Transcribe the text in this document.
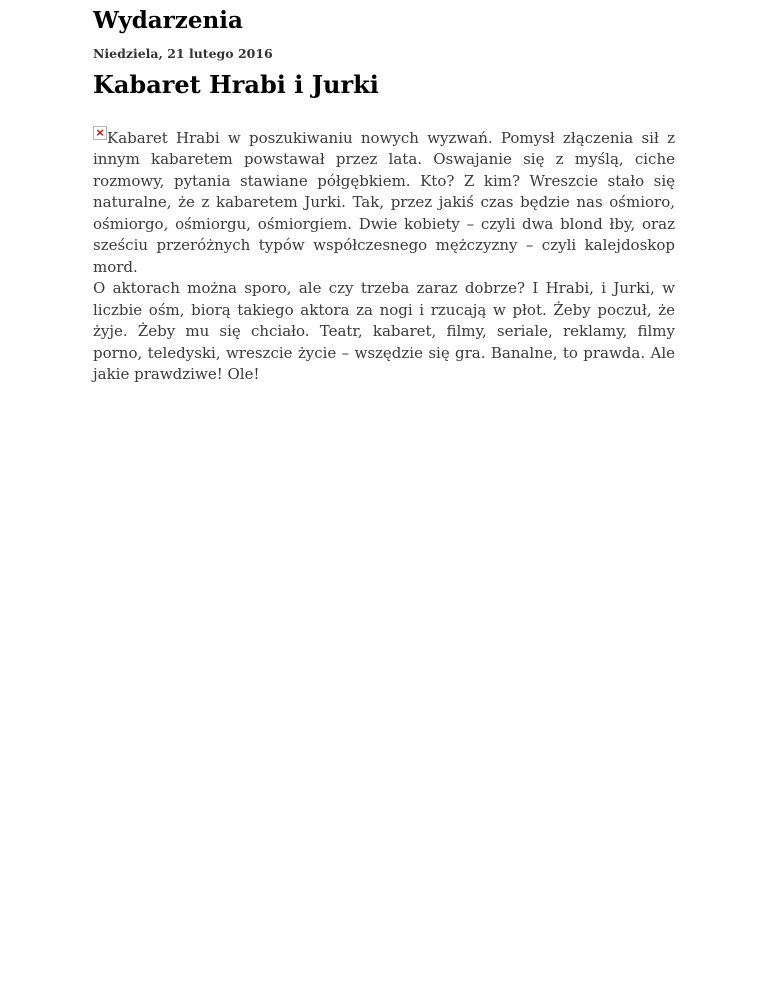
Wydarzenia
Niedziela, 21 lutego 2016
Kabaret Hrabi i Jurki

× Kabaret Hrabi w poszukiwaniu nowych wyzwań. Pomysł złączenia sił z innym kabaretem powstawał przez lata. Oswajanie się z myślą, ciche rozmowy, pytania stawiane półgębkiem. Kto? Z kim? Wreszcie stało się naturalne, że z kabaretem Jurki. Tak, przez jakiś czas będzie nas ośmioro, ośmiorgo, ośmiorgu, ośmiorgiem. Dwie kobiety – czyli dwa blond łby, oraz sześciu przeróżnych typów współczesnego mężczyzny – czyli kalejdoskop mord.

O aktorach można sporo, ale czy trzeba zaraz dobrze? I Hrabi, i Jurki, w liczbie ośm, biorą takiego aktora za nogi i rzucają w płot. Żeby poczuł, że żyje. Żeby mu się chciało. Teatr, kabaret, filmy, seriale, reklamy, filmy porno, teledyski, wreszcie życie – wszędzie się gra. Banalne, to prawda. Ale jakie prawdziwe! Ole!
